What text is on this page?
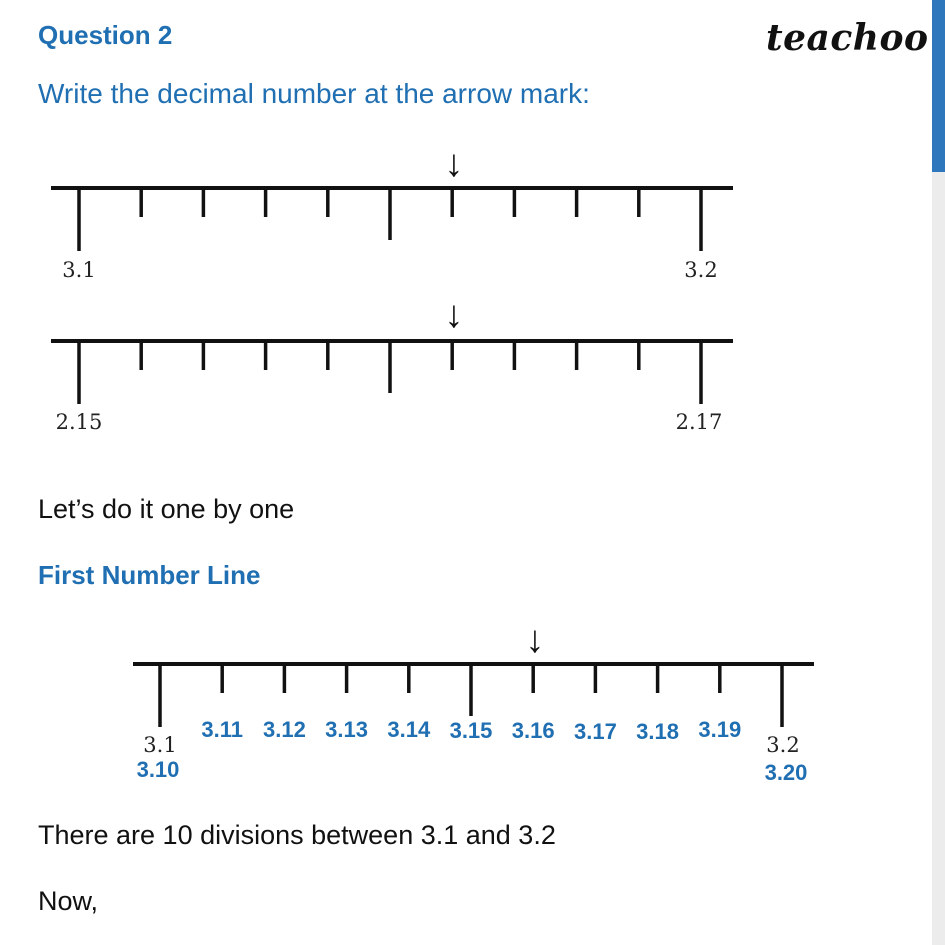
Question 2	teachoo
Write the decimal number at the arrow mark:
↓
3.1	3.2
↓
2.15	2.17
↓
3.1
3.10
3.2
3.20
3.11 3.12 3.13 3.14 3.15 3.16 3.17 3.18 3.19
Let’s do it one by one
First Number Line
There are 10 divisions between 3.1 and 3.2
Now,
